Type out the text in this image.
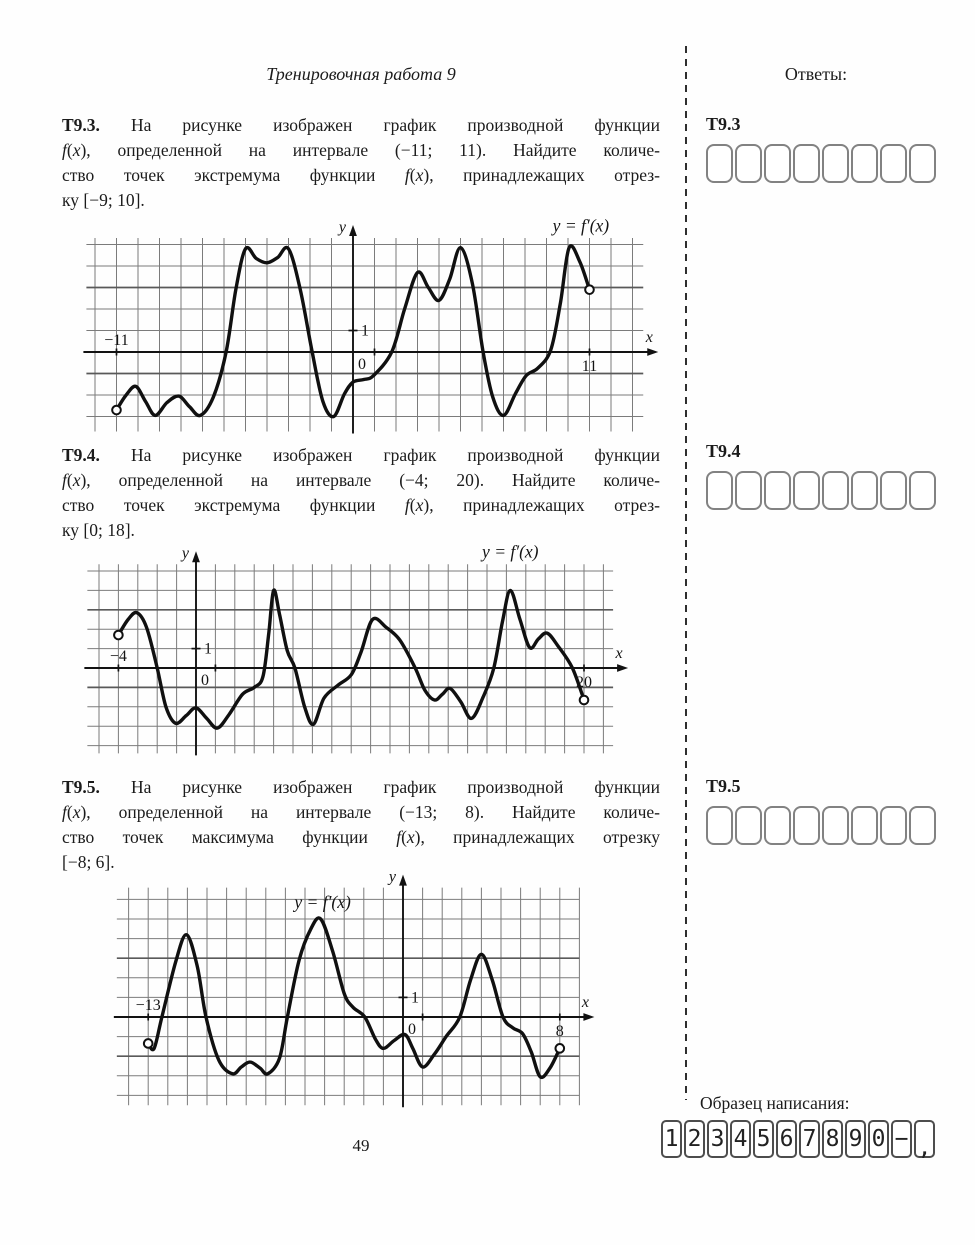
Тренировочная работа 9	Ответы:
Т9.3. На рисунке изображен график производной функции
f(x), определенной на интервале (−11; 11). Найдите количе-
ство точек экстремума функции f(x), принадлежащих отрез-
ку [−9; 10].
−11
11
1
0
x
y	y = f′(x)
Т9.4. На рисунке изображен график производной функции
f(x), определенной на интервале (−4; 20). Найдите количе-
ство точек экстремума функции f(x), принадлежащих отрез-
ку [0; 18].
−4
20
1
0
x
y	y = f′(x)
Т9.5. На рисунке изображен график производной функции
f(x), определенной на интервале (−13; 8). Найдите количе-
ство точек максимума функции f(x), принадлежащих отрезку
[−8; 6].
−13
8
1
0
x
y
y = f′(x)
Т9.3
Т9.4
Т9.5
Образец написания:
1 2 3 4 5 6 7 8 9 0 − ,
49
